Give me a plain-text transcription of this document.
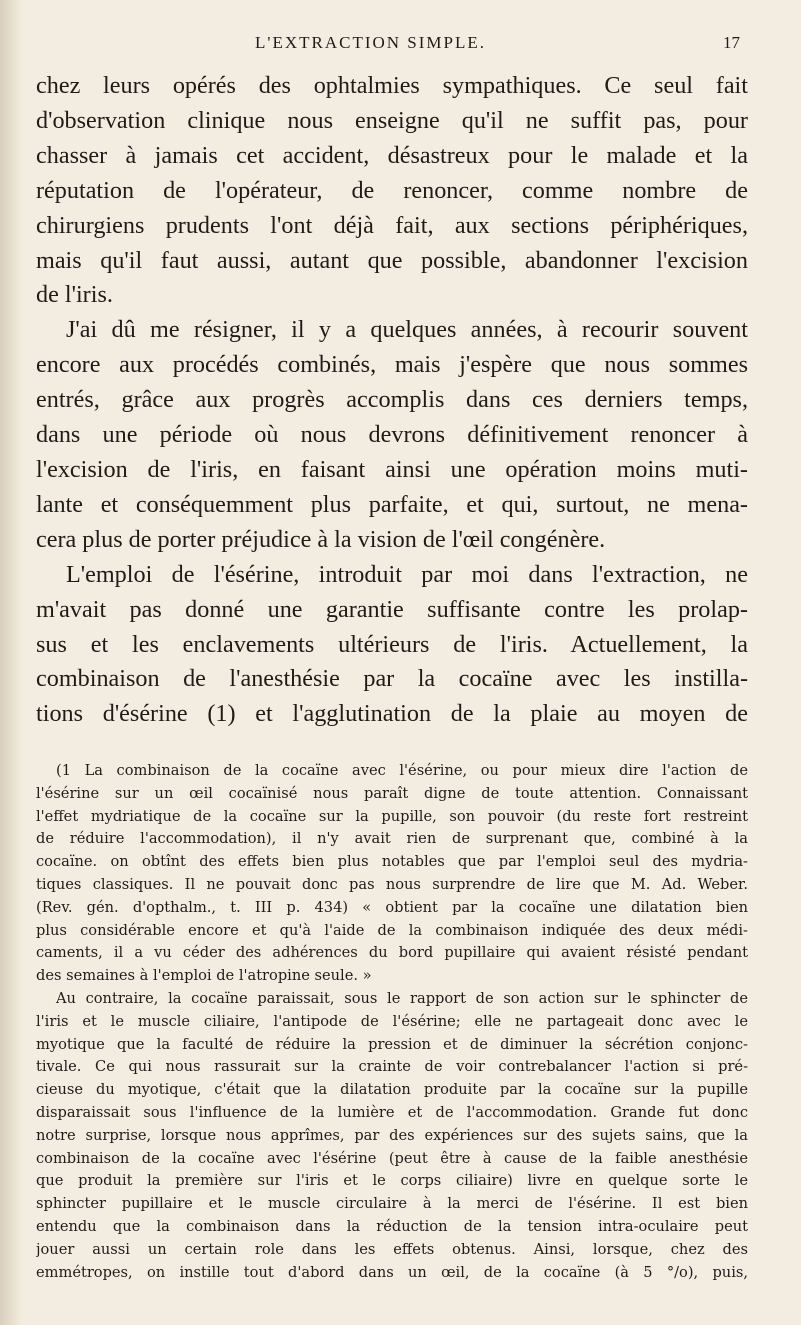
L'EXTRACTION SIMPLE.	17
chez leurs opérés des ophtalmies sympathiques. Ce seul fait
d'observation clinique nous enseigne qu'il ne suffit pas, pour
chasser à jamais cet accident, désastreux pour le malade et la
réputation de l'opérateur, de renoncer, comme nombre de
chirurgiens prudents l'ont déjà fait, aux sections périphériques,
mais qu'il faut aussi, autant que possible, abandonner l'excision
de l'iris.
J'ai dû me résigner, il y a quelques années, à recourir souvent
encore aux procédés combinés, mais j'espère que nous sommes
entrés, grâce aux progrès accomplis dans ces derniers temps,
dans une période où nous devrons définitivement renoncer à
l'excision de l'iris, en faisant ainsi une opération moins muti-
lante et conséquemment plus parfaite, et qui, surtout, ne mena-
cera plus de porter préjudice à la vision de l'œil congénère.
L'emploi de l'ésérine, introduit par moi dans l'extraction, ne
m'avait pas donné une garantie suffisante contre les prolap-
sus et les enclavements ultérieurs de l'iris. Actuellement, la
combinaison de l'anesthésie par la cocaïne avec les instilla-
tions d'ésérine (1) et l'agglutination de la plaie au moyen de
(1 La combinaison de la cocaïne avec l'ésérine, ou pour mieux dire l'action de
l'ésérine sur un œil cocaïnisé nous paraît digne de toute attention. Connaissant
l'effet mydriatique de la cocaïne sur la pupille, son pouvoir (du reste fort restreint
de réduire l'accommodation), il n'y avait rien de surprenant que, combiné à la
cocaïne. on obtînt des effets bien plus notables que par l'emploi seul des mydria-
tiques classiques. Il ne pouvait donc pas nous surprendre de lire que M. Ad. Weber.
(Rev. gén. d'opthalm., t. III p. 434) « obtient par la cocaïne une dilatation bien
plus considérable encore et qu'à l'aide de la combinaison indiquée des deux médi-
caments, il a vu céder des adhérences du bord pupillaire qui avaient résisté pendant
des semaines à l'emploi de l'atropine seule. »
Au contraire, la cocaïne paraissait, sous le rapport de son action sur le sphincter de
l'iris et le muscle ciliaire, l'antipode de l'ésérine; elle ne partageait donc avec le
myotique que la faculté de réduire la pression et de diminuer la sécrétion conjonc-
tivale. Ce qui nous rassurait sur la crainte de voir contrebalancer l'action si pré-
cieuse du myotique, c'était que la dilatation produite par la cocaïne sur la pupille
disparaissait sous l'influence de la lumière et de l'accommodation. Grande fut donc
notre surprise, lorsque nous apprîmes, par des expériences sur des sujets sains, que la
combinaison de la cocaïne avec l'ésérine (peut être à cause de la faible anesthésie
que produit la première sur l'iris et le corps ciliaire) livre en quelque sorte le
sphincter pupillaire et le muscle circulaire à la merci de l'ésérine. Il est bien
entendu que la combinaison dans la réduction de la tension intra-oculaire peut
jouer aussi un certain role dans les effets obtenus. Ainsi, lorsque, chez des
emmétropes, on instille tout d'abord dans un œil, de la cocaïne (à 5 °/o), puis,
